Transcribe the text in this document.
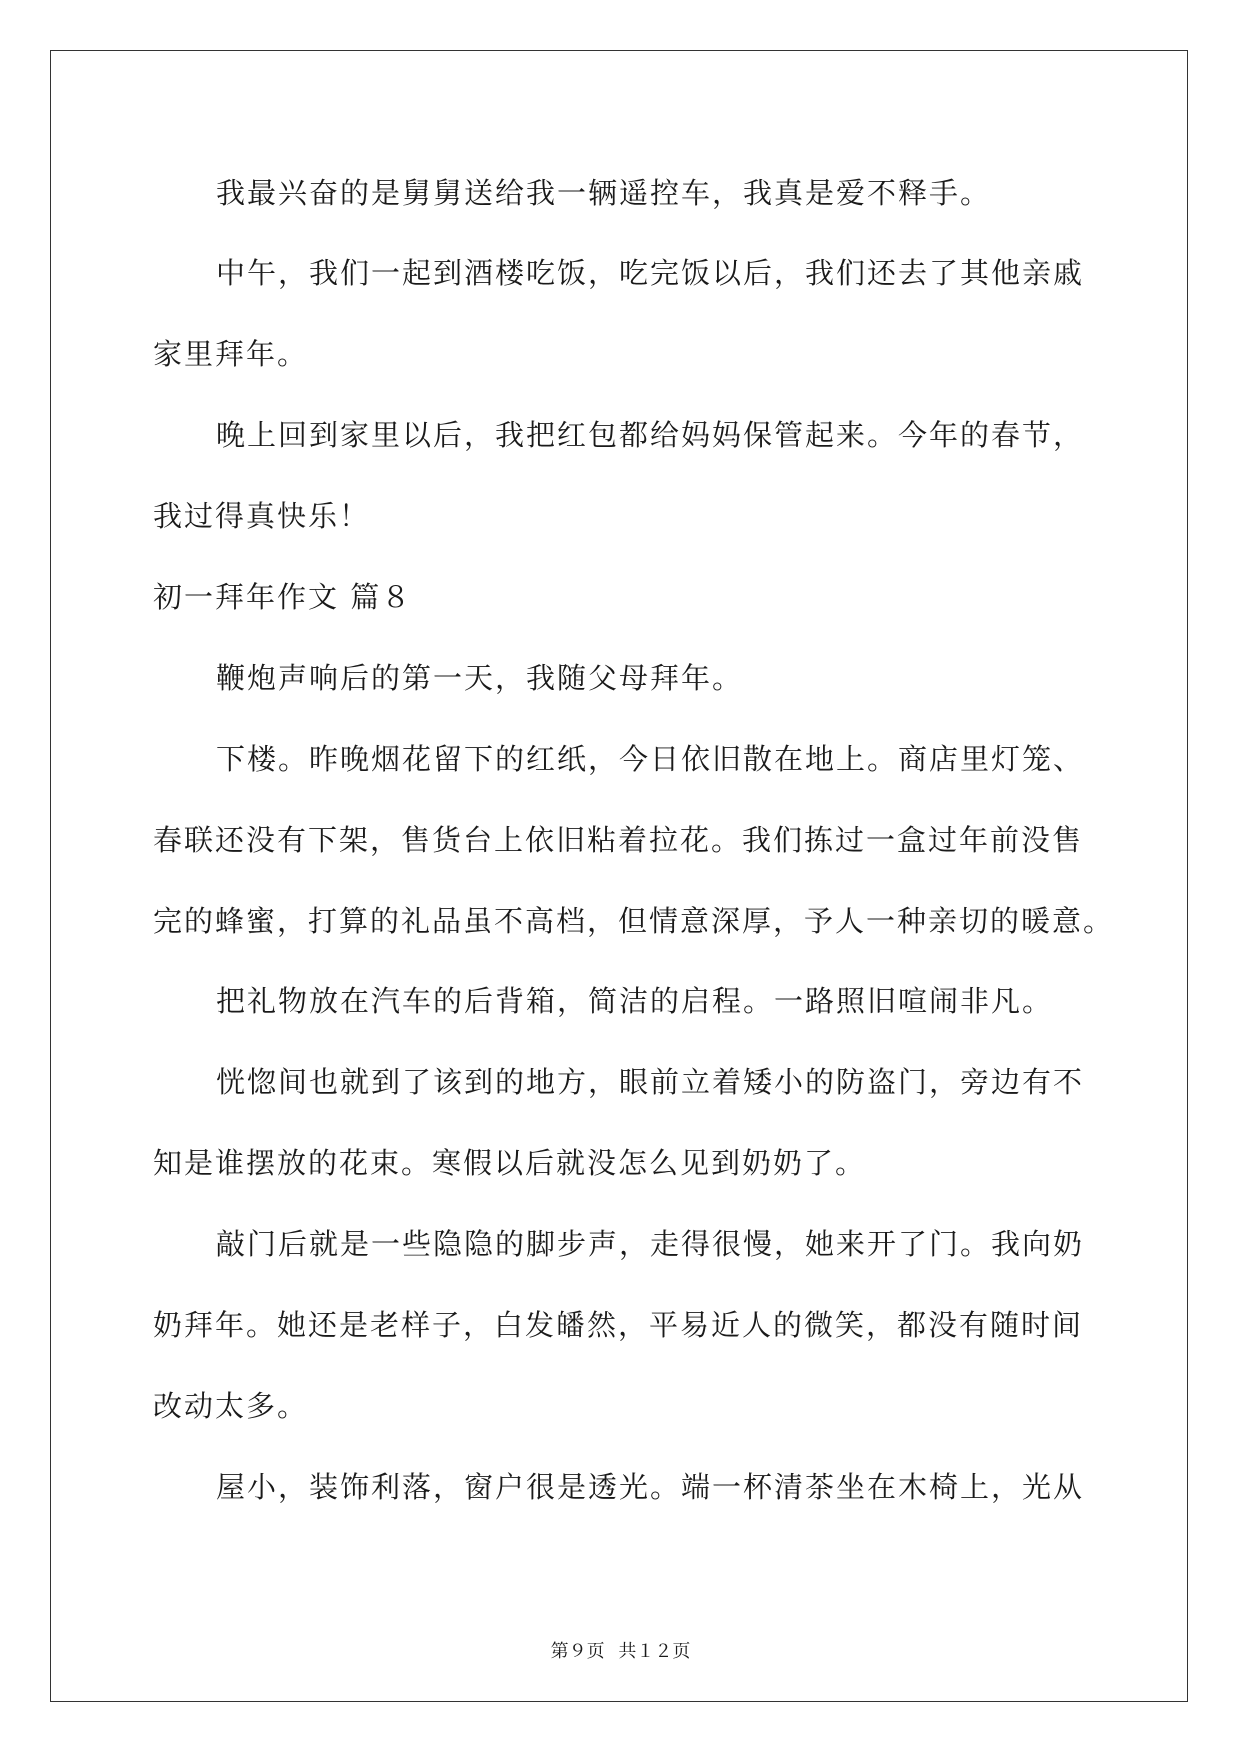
我最兴奋的是舅舅送给我一辆遥控车，我真是爱不释手。
中午，我们一起到酒楼吃饭，吃完饭以后，我们还去了其他亲戚
家里拜年。
晚上回到家里以后，我把红包都给妈妈保管起来。今年的春节，
我过得真快乐！
初一拜年作文 篇８
鞭炮声响后的第一天，我随父母拜年。
下楼。昨晚烟花留下的红纸，今日依旧散在地上。商店里灯笼、
春联还没有下架，售货台上依旧粘着拉花。我们拣过一盒过年前没售
完的蜂蜜，打算的礼品虽不高档，但情意深厚，予人一种亲切的暖意。
把礼物放在汽车的后背箱，简洁的启程。一路照旧喧闹非凡。
恍惚间也就到了该到的地方，眼前立着矮小的防盗门，旁边有不
知是谁摆放的花束。寒假以后就没怎么见到奶奶了。
敲门后就是一些隐隐的脚步声，走得很慢，她来开了门。我向奶
奶拜年。她还是老样子，白发皤然，平易近人的微笑，都没有随时间
改动太多。
屋小，装饰利落，窗户很是透光。端一杯清茶坐在木椅上，光从
第９页 共１２页
